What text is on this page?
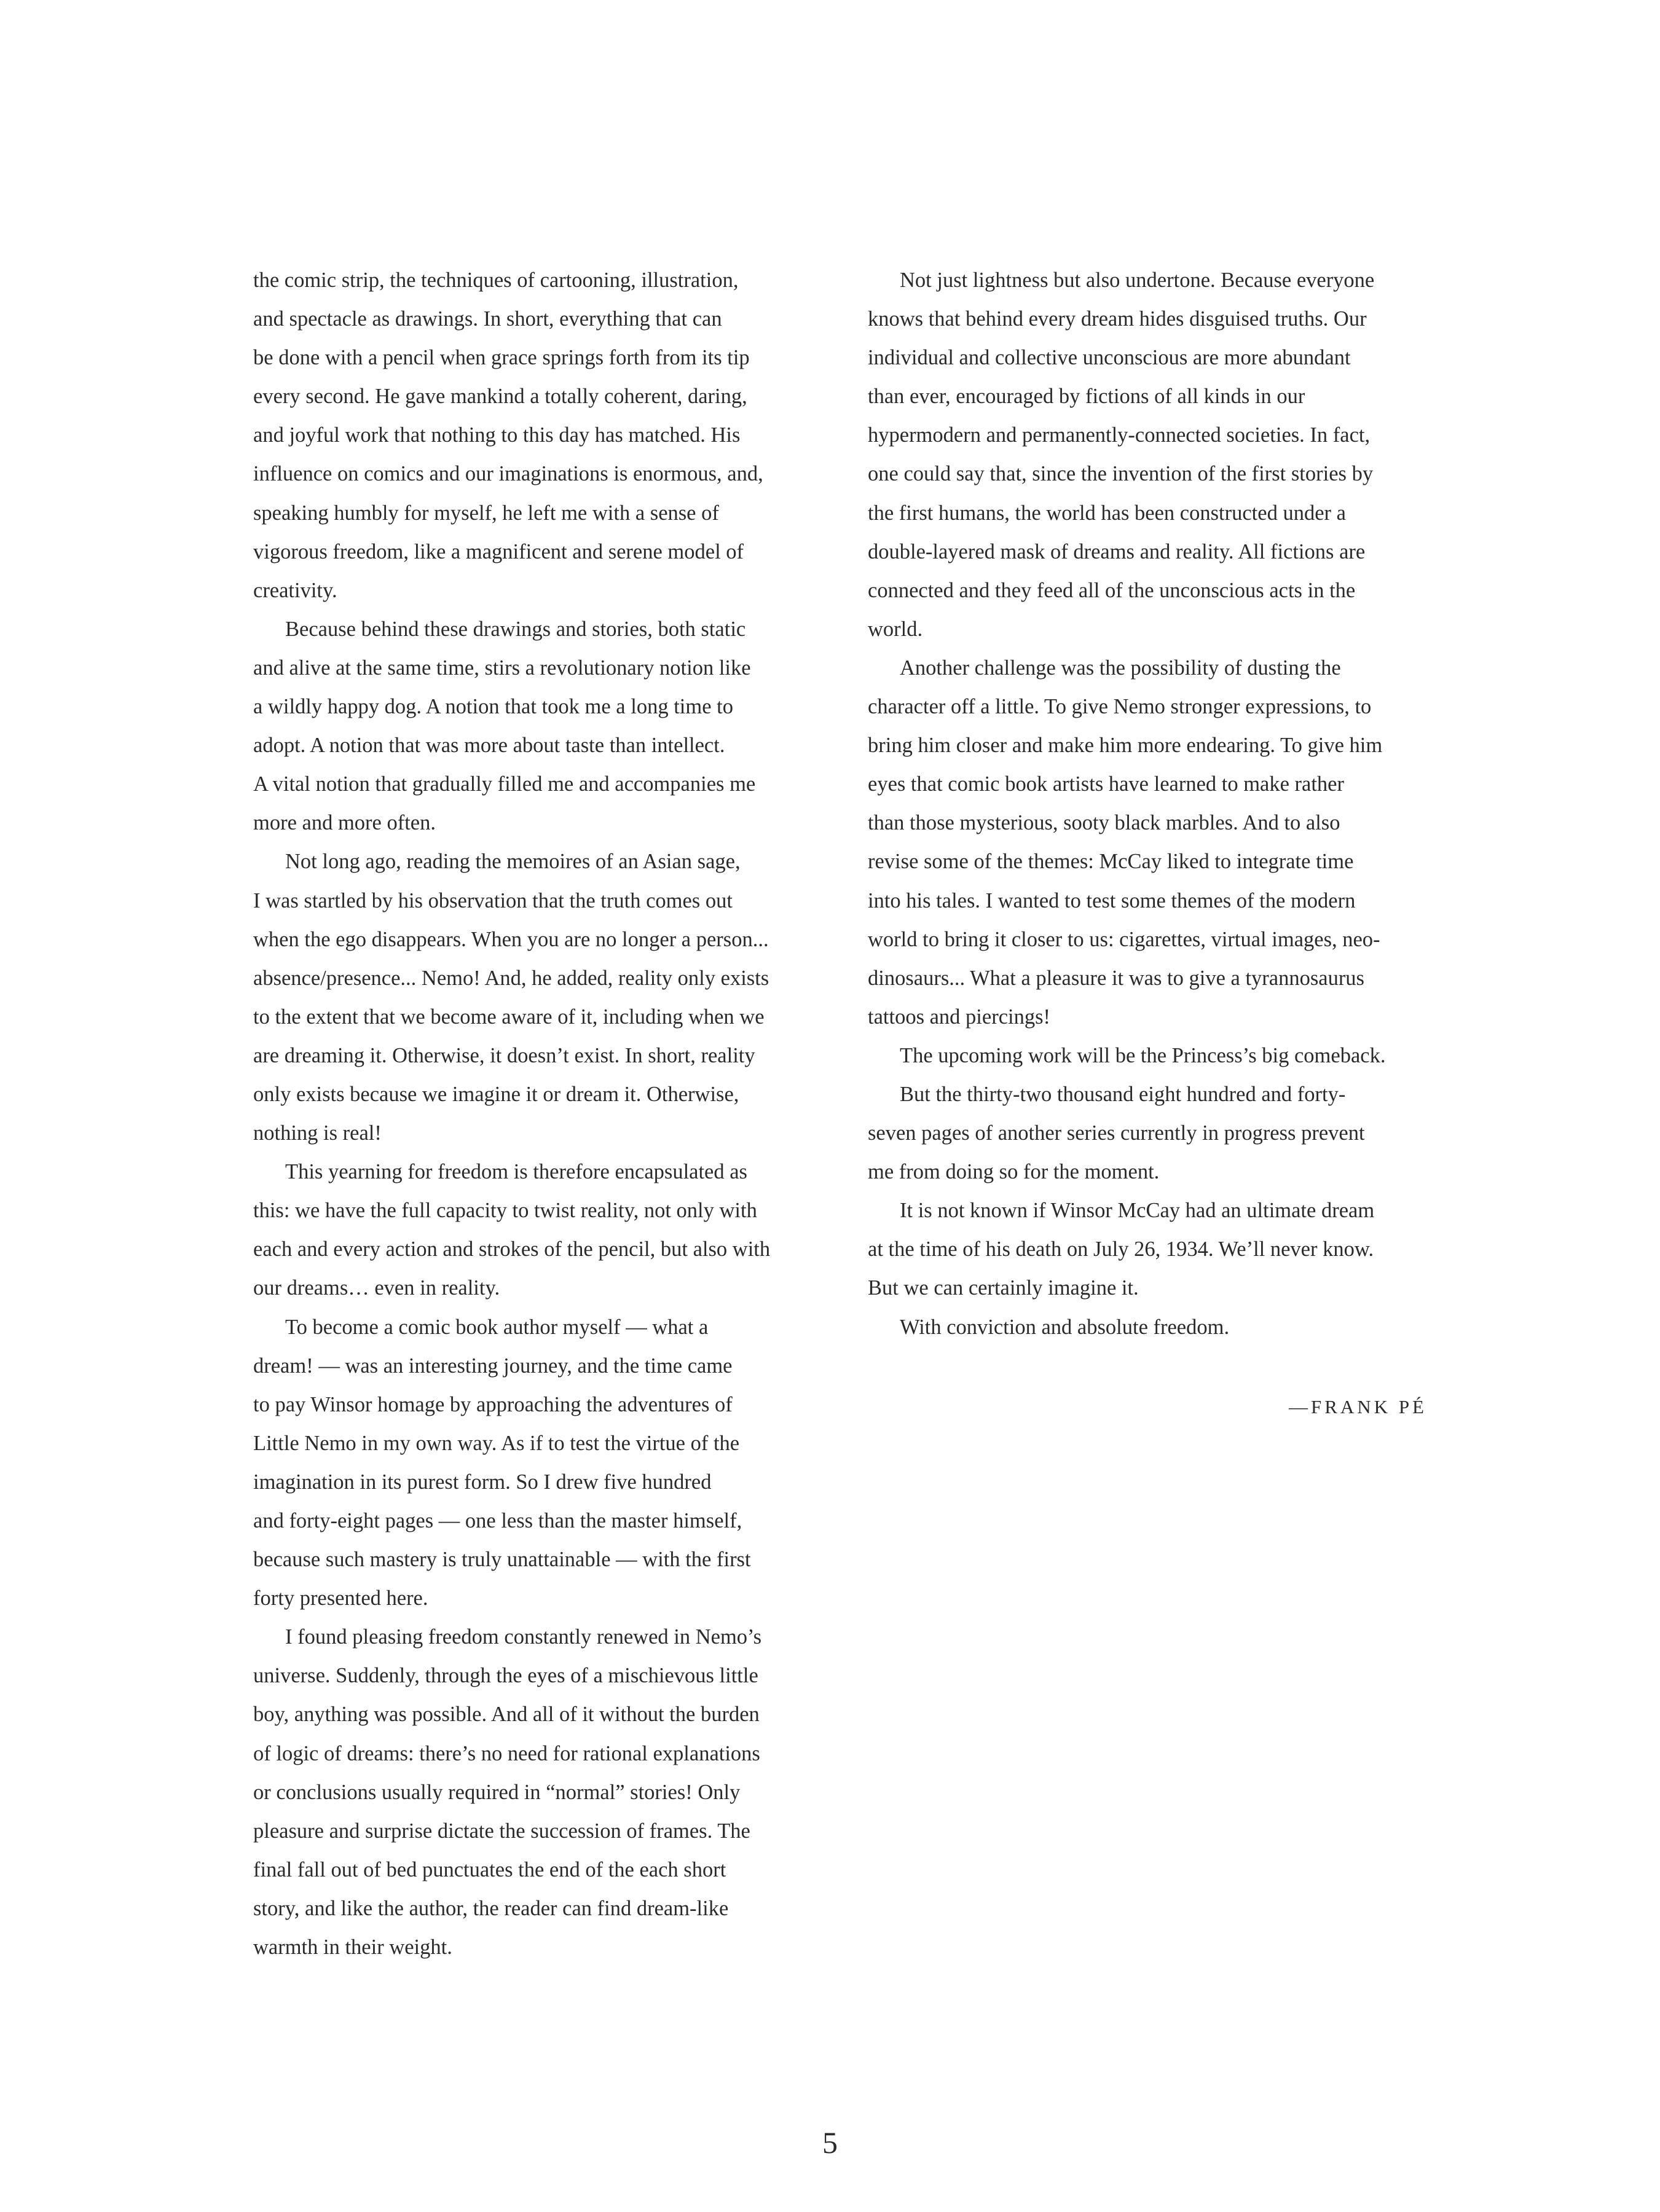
the comic strip, the techniques of cartooning, illustration,
and spectacle as drawings. In short, everything that can
be done with a pencil when grace springs forth from its tip
every second. He gave mankind a totally coherent, daring,
and joyful work that nothing to this day has matched. His
influence on comics and our imaginations is enormous, and,
speaking humbly for myself, he left me with a sense of
vigorous freedom, like a magnificent and serene model of
creativity.
Because behind these drawings and stories, both static
and alive at the same time, stirs a revolutionary notion like
a wildly happy dog. A notion that took me a long time to
adopt. A notion that was more about taste than intellect.
A vital notion that gradually filled me and accompanies me
more and more often.
Not long ago, reading the memoires of an Asian sage,
I was startled by his observation that the truth comes out
when the ego disappears. When you are no longer a person...
absence/presence... Nemo! And, he added, reality only exists
to the extent that we become aware of it, including when we
are dreaming it. Otherwise, it doesn’t exist. In short, reality
only exists because we imagine it or dream it. Otherwise,
nothing is real!
This yearning for freedom is therefore encapsulated as
this: we have the full capacity to twist reality, not only with
each and every action and strokes of the pencil, but also with
our dreams… even in reality.
To become a comic book author myself — what a
dream! — was an interesting journey, and the time came
to pay Winsor homage by approaching the adventures of
Little Nemo in my own way. As if to test the virtue of the
imagination in its purest form. So I drew five hundred
and forty-eight pages — one less than the master himself,
because such mastery is truly unattainable — with the first
forty presented here.
I found pleasing freedom constantly renewed in Nemo’s
universe. Suddenly, through the eyes of a mischievous little
boy, anything was possible. And all of it without the burden
of logic of dreams: there’s no need for rational explanations
or conclusions usually required in “normal” stories! Only
pleasure and surprise dictate the succession of frames. The
final fall out of bed punctuates the end of the each short
story, and like the author, the reader can find dream-like
warmth in their weight.
Not just lightness but also undertone. Because everyone
knows that behind every dream hides disguised truths. Our
individual and collective unconscious are more abundant
than ever, encouraged by fictions of all kinds in our
hypermodern and permanently-connected societies. In fact,
one could say that, since the invention of the first stories by
the first humans, the world has been constructed under a
double-layered mask of dreams and reality. All fictions are
connected and they feed all of the unconscious acts in the
world.
Another challenge was the possibility of dusting the
character off a little. To give Nemo stronger expressions, to
bring him closer and make him more endearing. To give him
eyes that comic book artists have learned to make rather
than those mysterious, sooty black marbles. And to also
revise some of the themes: McCay liked to integrate time
into his tales. I wanted to test some themes of the modern
world to bring it closer to us: cigarettes, virtual images, neo-
dinosaurs... What a pleasure it was to give a tyrannosaurus
tattoos and piercings!
The upcoming work will be the Princess’s big comeback.
But the thirty-two thousand eight hundred and forty-
seven pages of another series currently in progress prevent
me from doing so for the moment.
It is not known if Winsor McCay had an ultimate dream
at the time of his death on July 26, 1934. We’ll never know.
But we can certainly imagine it.
With conviction and absolute freedom.
—FRANK PÉ
5
